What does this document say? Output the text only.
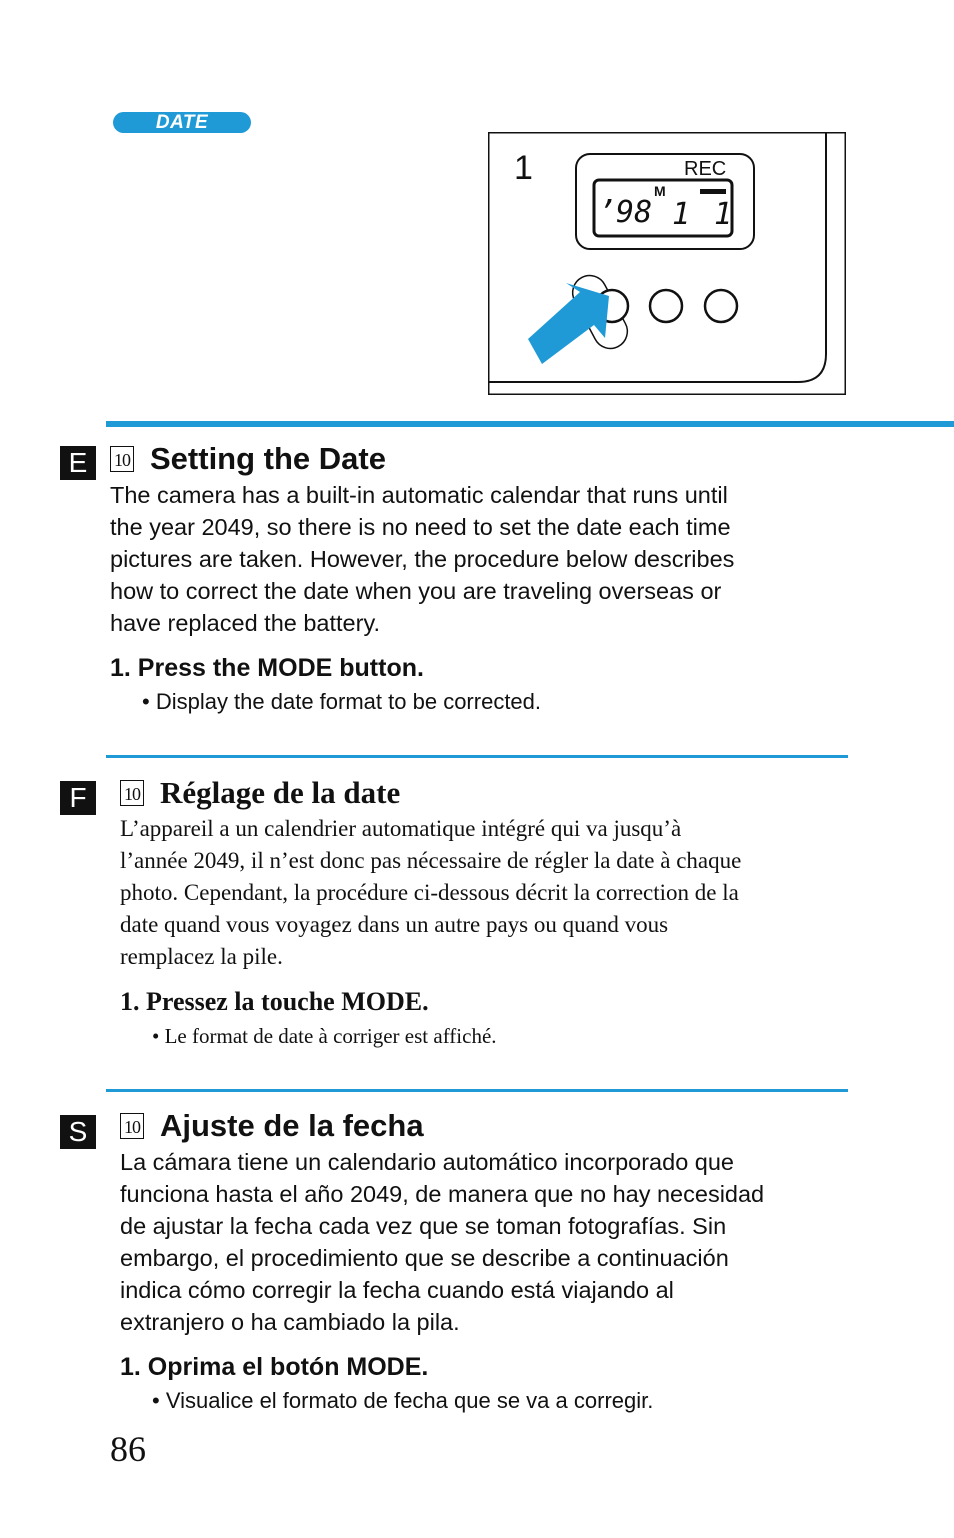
DATE
1	REC
’98
M
1 1
E	10 Setting the Date

The camera has a built-in automatic calendar that runs until
the year 2049, so there is no need to set the date each time
pictures are taken. However, the procedure below describes
how to correct the date when you are traveling overseas or
have replaced the battery.

1. Press the MODE button.

• Display the date format to be corrected.

F	10 Réglage de la date

L’appareil a un calendrier automatique intégré qui va jusqu’à
l’année 2049, il n’est donc pas nécessaire de régler la date à chaque
photo. Cependant, la procédure ci-dessous décrit la correction de la
date quand vous voyagez dans un autre pays ou quand vous
remplacez la pile.

1. Pressez la touche MODE.

• Le format de date à corriger est affiché.

S	10 Ajuste de la fecha

La cámara tiene un calendario automático incorporado que
funciona hasta el año 2049, de manera que no hay necesidad
de ajustar la fecha cada vez que se toman fotografías. Sin
embargo, el procedimiento que se describe a continuación
indica cómo corregir la fecha cuando está viajando al
extranjero o ha cambiado la pila.

1. Oprima el botón MODE.

• Visualice el formato de fecha que se va a corregir.

86
